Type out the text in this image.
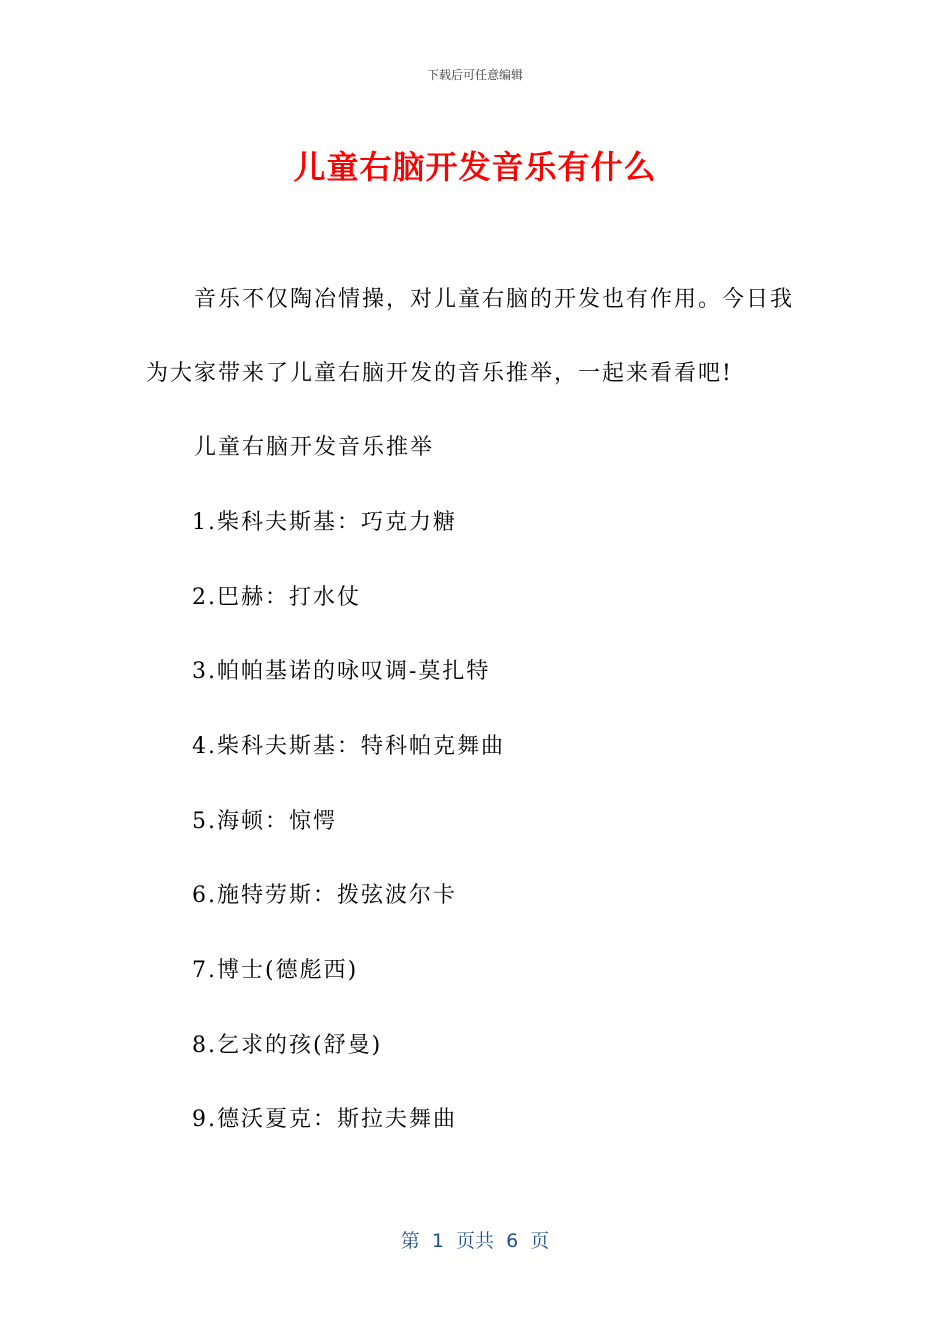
下载后可任意编辑
儿童右脑开发音乐有什么
音乐不仅陶冶情操，对儿童右脑的开发也有作用。今日我
为大家带来了儿童右脑开发的音乐推举，一起来看看吧!
儿童右脑开发音乐推举
1.柴科夫斯基：巧克力糖
2.巴赫：打水仗
3.帕帕基诺的咏叹调-莫扎特
4.柴科夫斯基：特科帕克舞曲
5.海顿：惊愕
6.施特劳斯：拨弦波尔卡
7.博士(德彪西)
8.乞求的孩(舒曼)
9.德沃夏克：斯拉夫舞曲
第  1  页共  6  页
